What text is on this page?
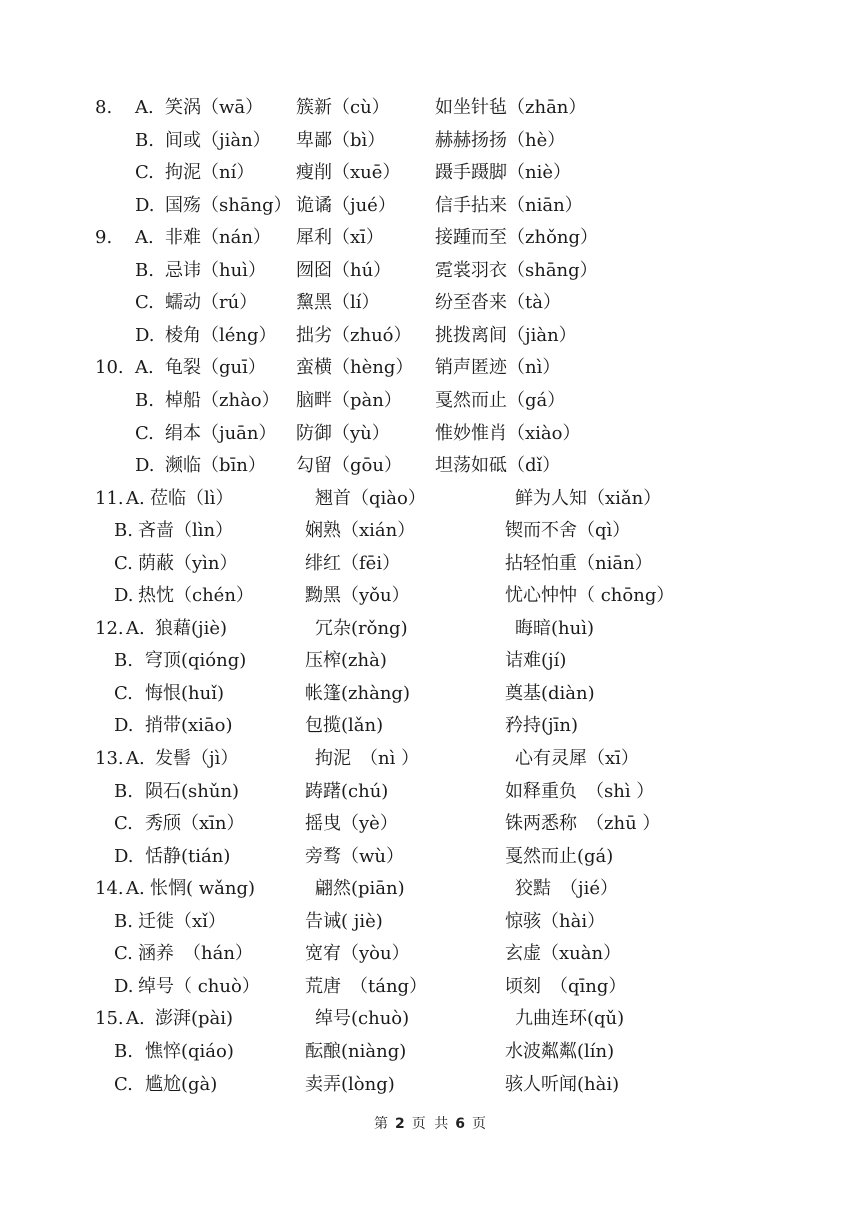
8. A. 笑涡（wā） 簇新（cù）	如坐针毡（zhān）
B. 间或（jiàn） 卑鄙（bì）	赫赫扬扬（hè）
C. 拘泥（ní） 瘦削（xuē） 蹑手蹑脚（niè）
D. 国殇（shāng） 诡谲（jué） 信手拈来（niān）
9. A. 非难（nán） 犀利（xī）	接踵而至（zhǒng）
B. 忌讳（huì） 囫囵（hú） 霓裳羽衣（shāng）
C. 蠕动（rú） 黧黑（lí）	纷至沓来（tà）
D. 棱角（léng） 拙劣（zhuó） 挑拨离间（jiàn）
10. A. 龟裂（guī） 蛮横（hèng） 销声匿迹（nì）
B. 棹船（zhào） 脑畔（pàn） 戛然而止（gá）
C. 绢本（juān） 防御（yù）	惟妙惟肖（xiào）
D. 濒临（bīn） 勾留（gōu） 坦荡如砥（dǐ）
11. A. 莅临（lì）	翘首（qiào）	鲜为人知（xiǎn）
B. 吝啬（lìn）	娴熟（xián）	锲而不舍（qì）
C. 荫蔽（yìn）	绯红（fēi）	拈轻怕重（niān）
D. 热忱（chén）	黝黑（yǒu）	忧心忡忡（ chōng）
12. A. 狼藉(jiè)	冗杂(rǒng)	晦暗(huì)
B. 穹顶(qióng)	压榨(zhà)	诘难(jí)
C. 悔恨(huǐ)	帐篷(zhàng)	奠基(diàn)
D. 捎带(xiāo)	包揽(lǎn)	矜持(jīn)
13. A. 发髻（jì）	拘泥　（nì ）	心有灵犀（xī）
B. 陨石(shǔn)	踌躇(chú)	如释重负　（shì ）
C. 秀颀（xīn）	摇曳（yè）	铢两悉称　（zhū ）
D. 恬静(tián)	旁骛（wù）	戛然而止(gá)
14. A. 怅惘( wǎng)	翩然(piān)	狡黠　（jié）
B. 迁徙（xǐ）	告诫( jiè)	惊骇（hài）
C. 涵养　（hán）	宽宥（yòu）	玄虚（xuàn）
D. 绰号（ chuò）	荒唐　（táng）	顷刻　（qīng）
15. A. 澎湃(pài)	绰号(chuò)	九曲连环(qǔ)
B. 憔悴(qiáo)	酝酿(niàng)	水波粼粼(lín)
C. 尴尬(gà)	卖弄(lòng)	骇人听闻(hài)
第 2 页 共 6 页
